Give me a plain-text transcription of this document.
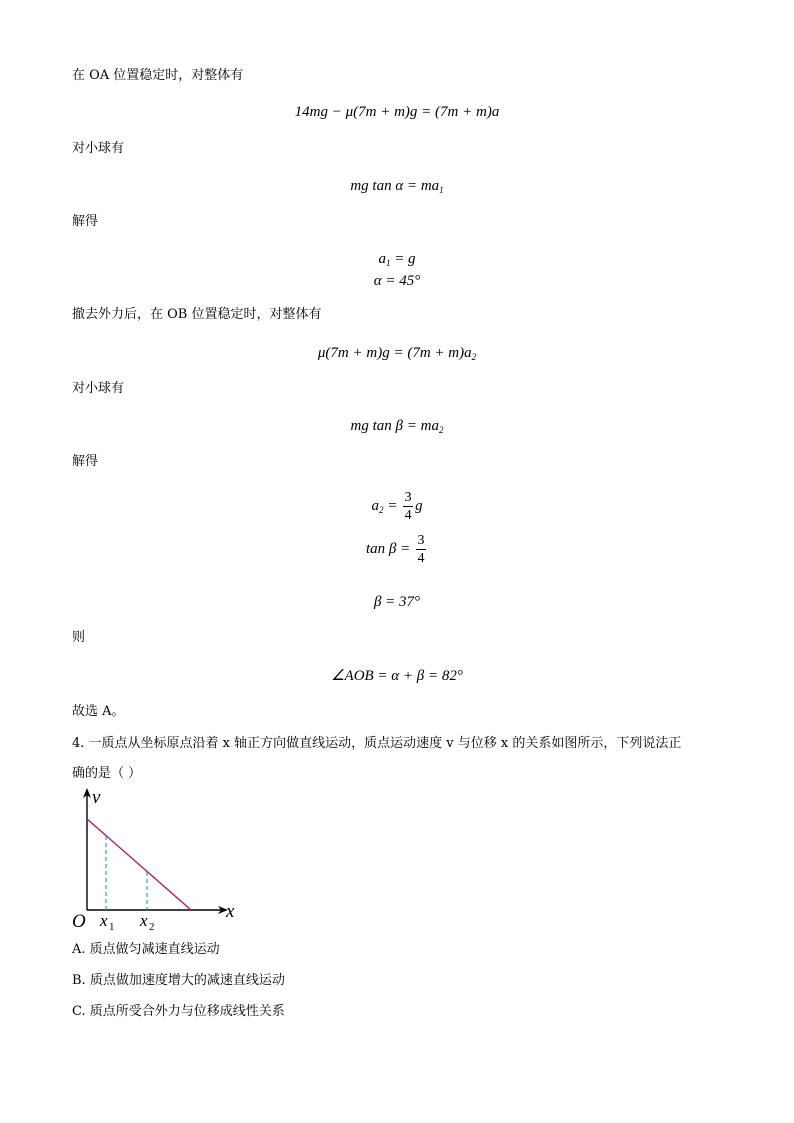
在 OA 位置稳定时，对整体有
14mg − μ(7m + m)g = (7m + m)a
对小球有
mg $\tan \alpha = ma_1$
解得
$a_1 = g$
α = 45°
撤去外力后，在 OB 位置稳定时，对整体有
$\mu(7m + m)g = (7m + m)a_2$
对小球有
mg $\tan \beta = ma_2$
解得
$a_2 = \frac{3}{4}$ g
$\tan \beta = \frac{3}{4}$
β = 37°
则
∠AOB = α + β = 82°
故选 A。
4. 一质点从坐标原点沿着 x 轴正方向做直线运动，质点运动速度 v 与位移 x 的关系如图所示，下列说法正
确的是（ ）
v
x
O x 1 x 2
A. 质点做匀减速直线运动
B. 质点做加速度增大的减速直线运动
C. 质点所受合外力与位移成线性关系
